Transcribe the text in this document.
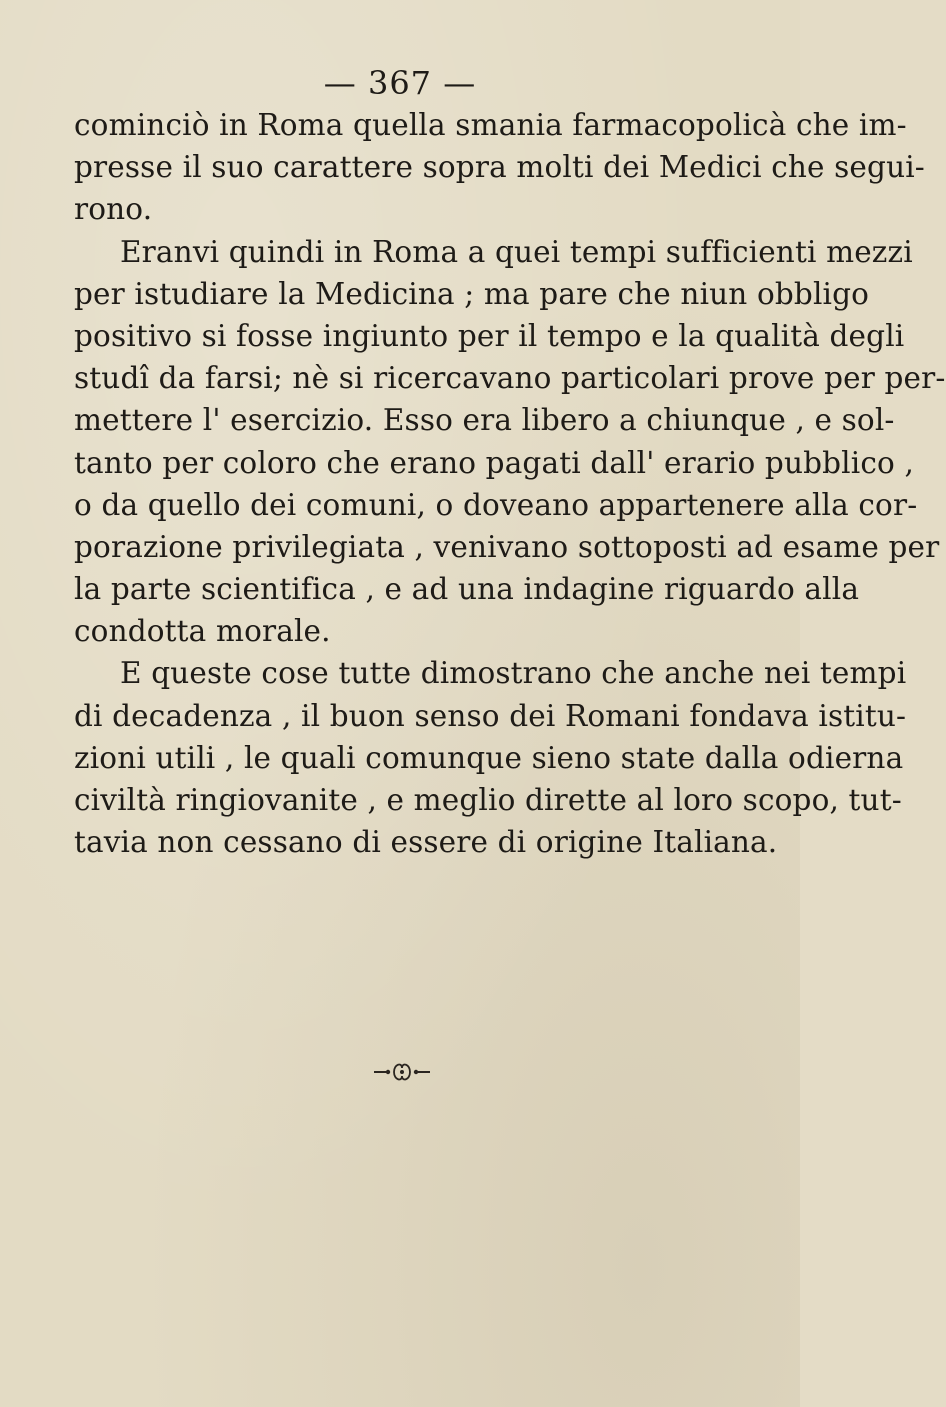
— 367 —
cominciò in Roma quella smania farmacopolicà che im-
presse il suo carattere sopra molti dei Medici che segui-
rono.
Eranvi quindi in Roma a quei tempi sufficienti mezzi
per istudiare la Medicina ; ma pare che niun obbligo
positivo si fosse ingiunto per il tempo e la qualità degli
studî da farsi; nè si ricercavano particolari prove per per-
mettere l' esercizio. Esso era libero a chiunque , e sol-
tanto per coloro che erano pagati dall' erario pubblico ,
o da quello dei comuni, o doveano appartenere alla cor-
porazione privilegiata , venivano sottoposti ad esame per
la parte scientifica , e ad una indagine riguardo alla
condotta morale.
E queste cose tutte dimostrano che anche nei tempi
di decadenza , il buon senso dei Romani fondava istitu-
zioni utili , le quali comunque sieno state dalla odierna
civiltà ringiovanite , e meglio dirette al loro scopo, tut-
tavia non cessano di essere di origine Italiana.
